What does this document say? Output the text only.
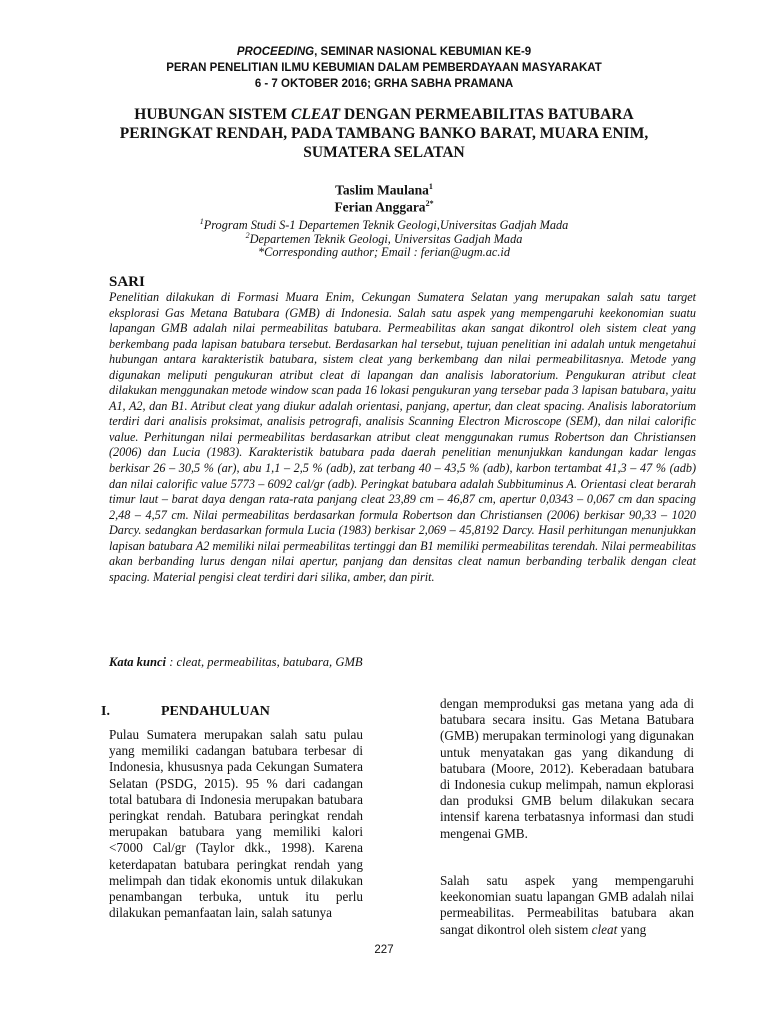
PROCEEDING, SEMINAR NASIONAL KEBUMIAN KE-9
PERAN PENELITIAN ILMU KEBUMIAN DALAM PEMBERDAYAAN MASYARAKAT
6 - 7 OKTOBER 2016; GRHA SABHA PRAMANA
HUBUNGAN SISTEM CLEAT DENGAN PERMEABILITAS BATUBARA
PERINGKAT RENDAH, PADA TAMBANG BANKO BARAT, MUARA ENIM,
SUMATERA SELATAN
Taslim Maulana$^1$
Ferian Anggara$^{2*}$
$^1$Program Studi S-1 Departemen Teknik Geologi,Universitas Gadjah Mada
$^2$Departemen Teknik Geologi, Universitas Gadjah Mada
*Corresponding author; Email : ferian@ugm.ac.id
SARI

Penelitian dilakukan di Formasi Muara Enim, Cekungan Sumatera Selatan yang merupakan salah satu target eksplorasi Gas Metana Batubara (GMB) di Indonesia. Salah satu aspek yang mempengaruhi keekonomian suatu lapangan GMB adalah nilai permeabilitas batubara. Permeabilitas akan sangat dikontrol oleh sistem cleat yang berkembang pada lapisan batubara tersebut. Berdasarkan hal tersebut, tujuan penelitian ini adalah untuk mengetahui hubungan antara karakteristik batubara, sistem cleat yang berkembang dan nilai permeabilitasnya. Metode yang digunakan meliputi pengukuran atribut cleat di lapangan dan analisis laboratorium. Pengukuran atribut cleat dilakukan menggunakan metode window scan pada 16 lokasi pengukuran yang tersebar pada 3 lapisan batubara, yaitu A1, A2, dan B1. Atribut cleat yang diukur adalah orientasi, panjang, apertur, dan cleat spacing. Analisis laboratorium terdiri dari analisis proksimat, analisis petrografi, analisis Scanning Electron Microscope (SEM), dan nilai calorific value. Perhitungan nilai permeabilitas berdasarkan atribut cleat menggunakan rumus Robertson dan Christiansen (2006) dan Lucia (1983). Karakteristik batubara pada daerah penelitian menunjukkan kandungan kadar lengas berkisar 26 – 30,5 % (ar), abu 1,1 – 2,5 % (adb), zat terbang 40 – 43,5 % (adb), karbon tertambat 41,3 – 47 % (adb) dan nilai calorific value 5773 – 6092 cal/gr (adb). Peringkat batubara adalah Subbituminus A. Orientasi cleat berarah timur laut – barat daya dengan rata-rata panjang cleat 23,89 cm – 46,87 cm, apertur 0,0343 – 0,067 cm dan spacing 2,48 – 4,57 cm. Nilai permeabilitas berdasarkan formula Robertson dan Christiansen (2006) berkisar 90,33 – 1020 Darcy. sedangkan berdasarkan formula Lucia (1983) berkisar 2,069 – 45,8192 Darcy. Hasil perhitungan menunjukkan lapisan batubara A2 memiliki nilai permeabilitas tertinggi dan B1 memiliki permeabilitas terendah. Nilai permeabilitas akan berbanding lurus dengan nilai apertur, panjang dan densitas cleat namun berbanding terbalik dengan cleat spacing. Material pengisi cleat terdiri dari silika, amber, dan pirit.

Kata kunci : cleat, permeabilitas, batubara, GMB
I.	PENDAHULUAN

Pulau Sumatera merupakan salah satu pulau yang memiliki cadangan batubara terbesar di Indonesia, khususnya pada Cekungan Sumatera Selatan (PSDG, 2015). 95 % dari cadangan total batubara di Indonesia merupakan batubara peringkat rendah. Batubara peringkat rendah merupakan batubara yang memiliki kalori <7000 Cal/gr (Taylor dkk., 1998). Karena keterdapatan batubara peringkat rendah yang melimpah dan tidak ekonomis untuk dilakukan penambangan terbuka, untuk itu perlu dilakukan pemanfaatan lain, salah satunya

dengan memproduksi gas metana yang ada di batubara secara insitu. Gas Metana Batubara (GMB) merupakan terminologi yang digunakan untuk menyatakan gas yang dikandung di batubara (Moore, 2012). Keberadaan batubara di Indonesia cukup melimpah, namun ekplorasi dan produksi GMB belum dilakukan secara intensif karena terbatasnya informasi dan studi mengenai GMB.

Salah satu aspek yang mempengaruhi keekonomian suatu lapangan GMB adalah nilai permeabilitas. Permeabilitas batubara akan sangat dikontrol oleh sistem cleat yang

227
